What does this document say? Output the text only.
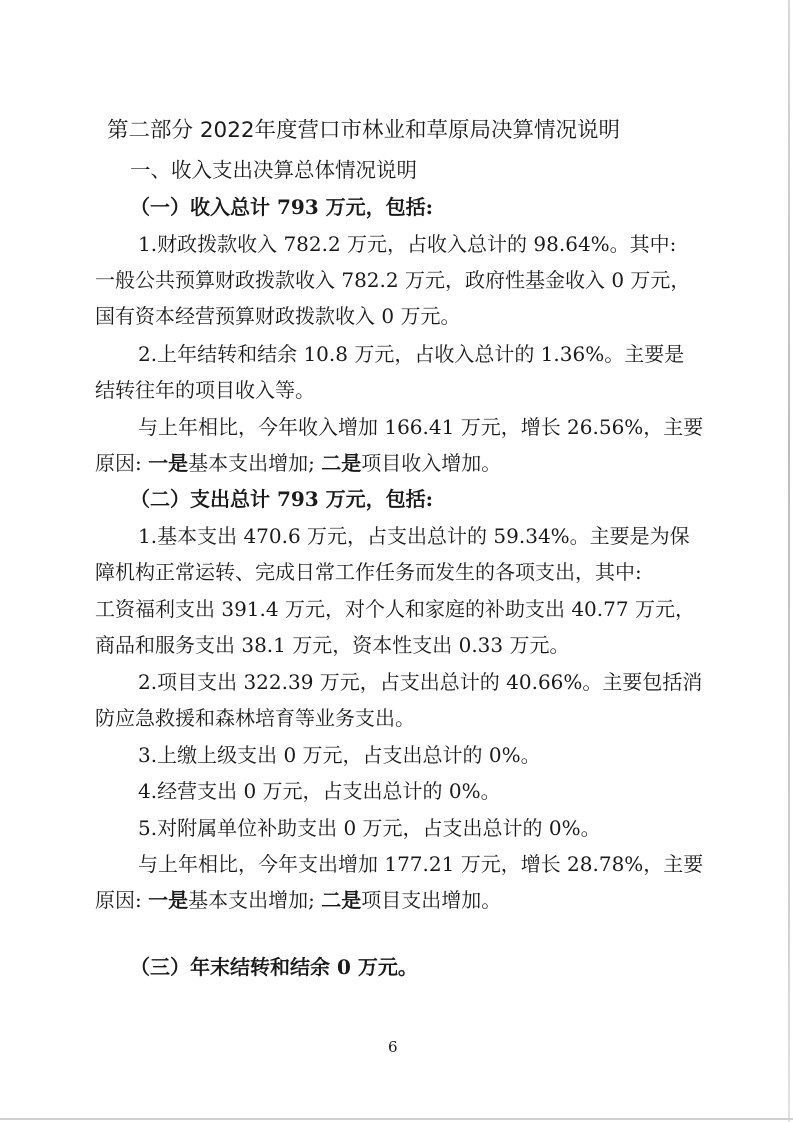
第二部分 2022年度营口市林业和草原局决算情况说明
一、收入支出决算总体情况说明
（一）收入总计 793 万元，包括:
1.财政拨款收入 782.2 万元，占收入总计的 98.64%。其中:
一般公共预算财政拨款收入 782.2 万元，政府性基金收入 0 万元，
国有资本经营预算财政拨款收入 0 万元。
2.上年结转和结余 10.8 万元，占收入总计的 1.36%。主要是
结转往年的项目收入等。
与上年相比，今年收入增加 166.41 万元，增长 26.56%，主要
原因: 一是基本支出增加; 二是项目收入增加。
（二）支出总计 793 万元，包括:
1.基本支出 470.6 万元，占支出总计的 59.34%。主要是为保
障机构正常运转、完成日常工作任务而发生的各项支出，其中:
工资福利支出 391.4 万元，对个人和家庭的补助支出 40.77 万元，
商品和服务支出 38.1 万元，资本性支出 0.33 万元。
2.项目支出 322.39 万元，占支出总计的 40.66%。主要包括消
防应急救援和森林培育等业务支出。
3.上缴上级支出 0 万元，占支出总计的 0%。
4.经营支出 0 万元，占支出总计的 0%。
5.对附属单位补助支出 0 万元，占支出总计的 0%。
与上年相比，今年支出增加 177.21 万元，增长 28.78%，主要
原因: 一是基本支出增加; 二是项目支出增加。
（三）年末结转和结余 0 万元。
6
